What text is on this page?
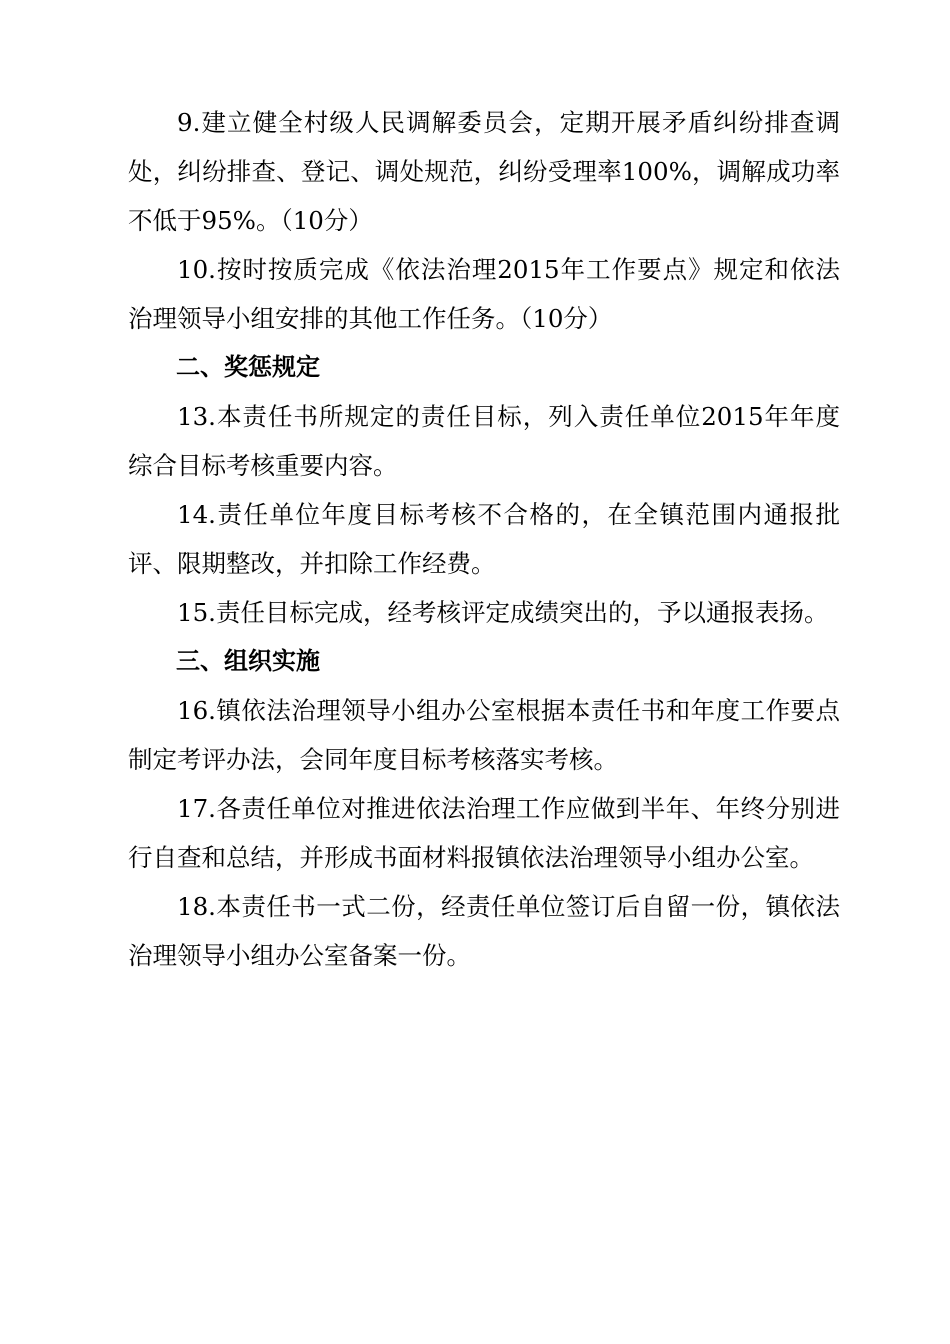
9.建立健全村级人民调解委员会，定期开展矛盾纠纷排查调处，纠纷排查、登记、调处规范，纠纷受理率100%，调解成功率不低于95%。（10分）

10.按时按质完成《依法治理2015年工作要点》规定和依法治理领导小组安排的其他工作任务。（10分）

二、奖惩规定

13.本责任书所规定的责任目标，列入责任单位2015年年度综合目标考核重要内容。

14.责任单位年度目标考核不合格的，在全镇范围内通报批评、限期整改，并扣除工作经费。

15.责任目标完成，经考核评定成绩突出的，予以通报表扬。

三、组织实施

16.镇依法治理领导小组办公室根据本责任书和年度工作要点制定考评办法，会同年度目标考核落实考核。

17.各责任单位对推进依法治理工作应做到半年、年终分别进行自查和总结，并形成书面材料报镇依法治理领导小组办公室。

18.本责任书一式二份，经责任单位签订后自留一份，镇依法治理领导小组办公室备案一份。
